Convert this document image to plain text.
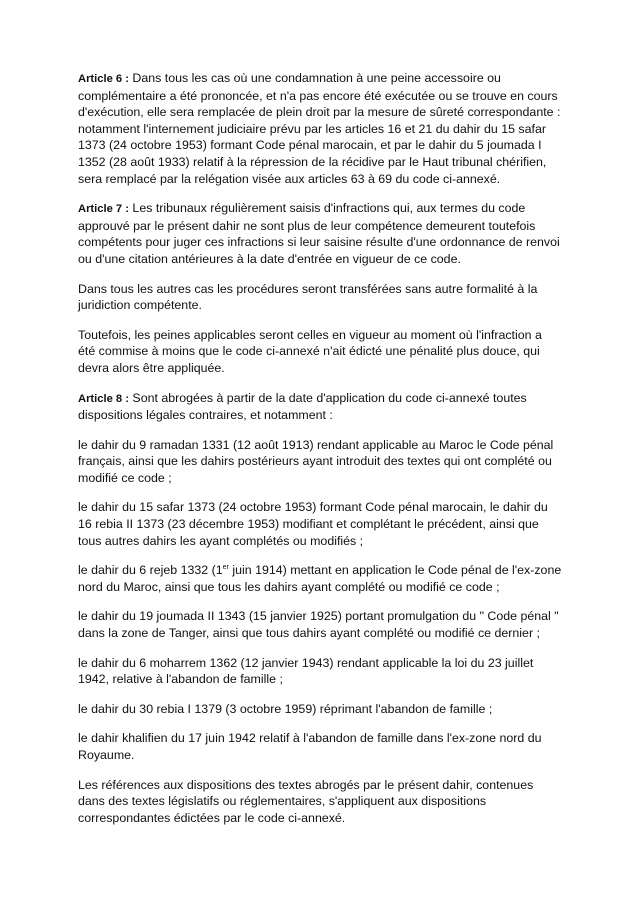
Article 6 : Dans tous les cas où une condamnation à une peine accessoire ou complémentaire a été prononcée, et n'a pas encore été exécutée ou se trouve en cours d'exécution, elle sera remplacée de plein droit par la mesure de sûreté correspondante : notamment l'internement judiciaire prévu par les articles 16 et 21 du dahir du 15 safar 1373 (24 octobre 1953) formant Code pénal marocain, et par le dahir du 5 joumada I 1352 (28 août 1933) relatif à la répression de la récidive par le Haut tribunal chérifien, sera remplacé par la relégation visée aux articles 63 à 69 du code ci-annexé.

Article 7 : Les tribunaux régulièrement saisis d'infractions qui, aux termes du code approuvé par le présent dahir ne sont plus de leur compétence demeurent toutefois compétents pour juger ces infractions si leur saisine résulte d'une ordonnance de renvoi ou d'une citation antérieures à la date d'entrée en vigueur de ce code.

Dans tous les autres cas les procédures seront transférées sans autre formalité à la juridiction compétente.

Toutefois, les peines applicables seront celles en vigueur au moment où l'infraction a été commise à moins que le code ci-annexé n'ait édicté une pénalité plus douce, qui devra alors être appliquée.

Article 8 : Sont abrogées à partir de la date d'application du code ci-annexé toutes dispositions légales contraires, et notamment :

le dahir du 9 ramadan 1331 (12 août 1913) rendant applicable au Maroc le Code pénal français, ainsi que les dahirs postérieurs ayant introduit des textes qui ont complété ou modifié ce code ;

le dahir du 15 safar 1373 (24 octobre 1953) formant Code pénal marocain, le dahir du 16 rebia II 1373 (23 décembre 1953) modifiant et complétant le précédent, ainsi que tous autres dahirs les ayant complétés ou modifiés ;

le dahir du 6 rejeb 1332 (1er juin 1914) mettant en application le Code pénal de l'ex-zone nord du Maroc, ainsi que tous les dahirs ayant complété ou modifié ce code ;

le dahir du 19 joumada II 1343 (15 janvier 1925) portant promulgation du " Code pénal " dans la zone de Tanger, ainsi que tous dahirs ayant complété ou modifié ce dernier ;

le dahir du 6 moharrem 1362 (12 janvier 1943) rendant applicable la loi du 23 juillet 1942, relative à l'abandon de famille ;

le dahir du 30 rebia I 1379 (3 octobre 1959) réprimant l'abandon de famille ;

le dahir khalifien du 17 juin 1942 relatif à l'abandon de famille dans l'ex-zone nord du Royaume.

Les références aux dispositions des textes abrogés par le présent dahir, contenues dans des textes législatifs ou réglementaires, s'appliquent aux dispositions correspondantes édictées par le code ci-annexé.
